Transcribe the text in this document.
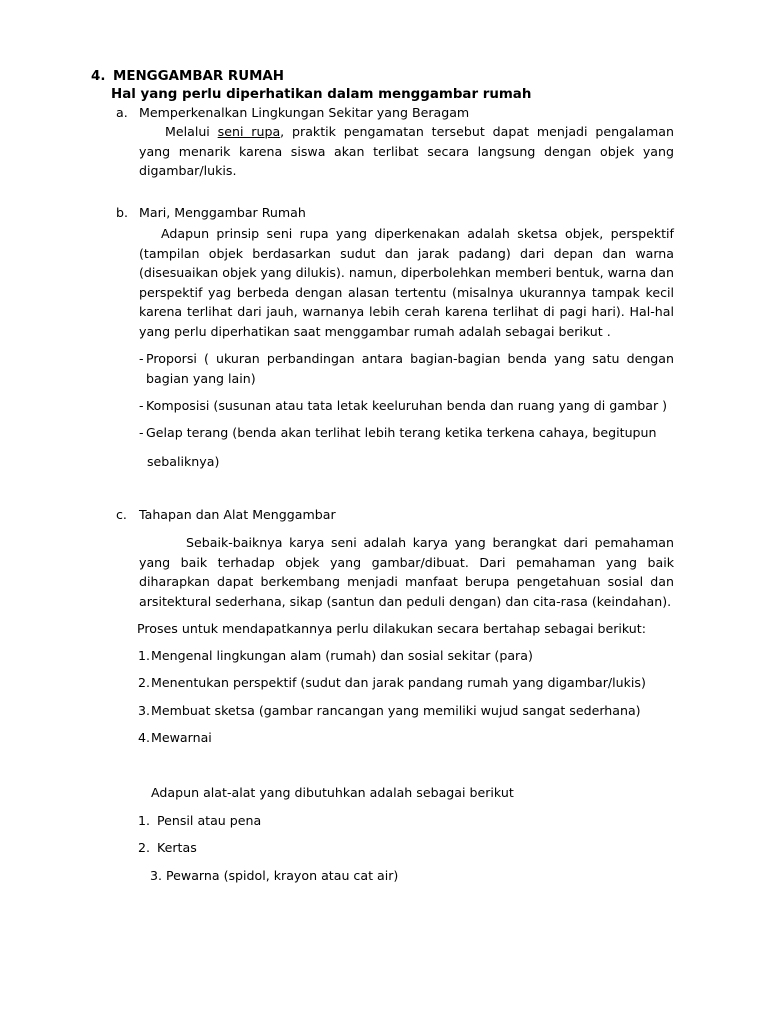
4. MENGGAMBAR RUMAH
Hal yang perlu diperhatikan dalam menggambar rumah
a. Memperkenalkan Lingkungan Sekitar yang Beragam
Melalui seni rupa, praktik pengamatan tersebut dapat menjadi pengalaman yang menarik karena siswa akan terlibat secara langsung dengan objek yang digambar/lukis.
b. Mari, Menggambar Rumah
Adapun prinsip seni rupa yang diperkenakan adalah sketsa objek, perspektif (tampilan objek berdasarkan sudut dan jarak padang) dari depan dan warna (disesuaikan objek yang dilukis). namun, diperbolehkan memberi bentuk, warna dan perspektif yag berbeda dengan alasan tertentu (misalnya ukurannya tampak kecil karena terlihat dari jauh, warnanya lebih cerah karena terlihat di pagi hari). Hal-hal yang perlu diperhatikan saat menggambar rumah adalah sebagai berikut .
- Proporsi ( ukuran perbandingan antara bagian-bagian benda yang satu dengan bagian yang lain)
- Komposisi (susunan atau tata letak keeluruhan benda dan ruang yang di gambar )
- Gelap terang (benda akan terlihat lebih terang ketika terkena cahaya, begitupun
sebaliknya)
c. Tahapan dan Alat Menggambar
Sebaik-baiknya karya seni adalah karya yang berangkat dari pemahaman yang baik terhadap objek yang gambar/dibuat. Dari pemahaman yang baik diharapkan dapat berkembang menjadi manfaat berupa pengetahuan sosial dan arsitektural sederhana, sikap (santun dan peduli dengan) dan cita-rasa (keindahan).
Proses untuk mendapatkannya perlu dilakukan secara bertahap sebagai berikut:
1. Mengenal lingkungan alam (rumah) dan sosial sekitar (para)
2. Menentukan perspektif (sudut dan jarak pandang rumah yang digambar/lukis)
3. Membuat sketsa (gambar rancangan yang memiliki wujud sangat sederhana)
4. Mewarnai
Adapun alat-alat yang dibutuhkan adalah sebagai berikut
1. Pensil atau pena
2. Kertas
3. Pewarna (spidol, krayon atau cat air)
